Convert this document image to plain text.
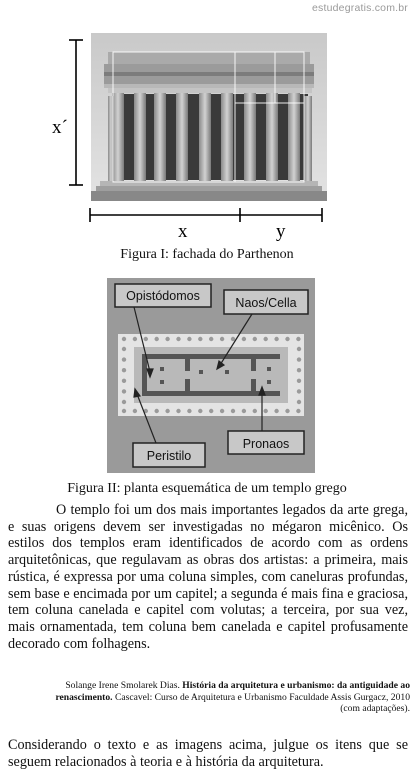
estudegratis.com.br
x´
x	y
Figura I: fachada do Parthenon
Opistódomos	Naos/Cella
Peristilo
Pronaos
Figura II: planta esquemática de um templo grego

O templo foi um dos mais importantes legados da arte grega, e suas origens devem ser investigadas no mégaron micênico. Os estilos dos templos eram identificados de acordo com as ordens arquitetônicas, que regulavam as obras dos artistas: a primeira, mais rústica, é expressa por uma coluna simples, com caneluras profundas, sem base e encimada por um capitel; a segunda é mais fina e graciosa, tem coluna canelada e capitel com volutas; a terceira, por sua vez, mais ornamentada, tem coluna bem canelada e capitel profusamente decorado com folhagens.

Solange Irene Smolarek Dias. História da arquitetura e urbanismo: da antiguidade ao renascimento. Cascavel: Curso de Arquitetura e Urbanismo Faculdade Assis Gurgacz, 2010 (com adaptações).

Considerando o texto e as imagens acima, julgue os itens que se seguem relacionados à teoria e à história da arquitetura.
